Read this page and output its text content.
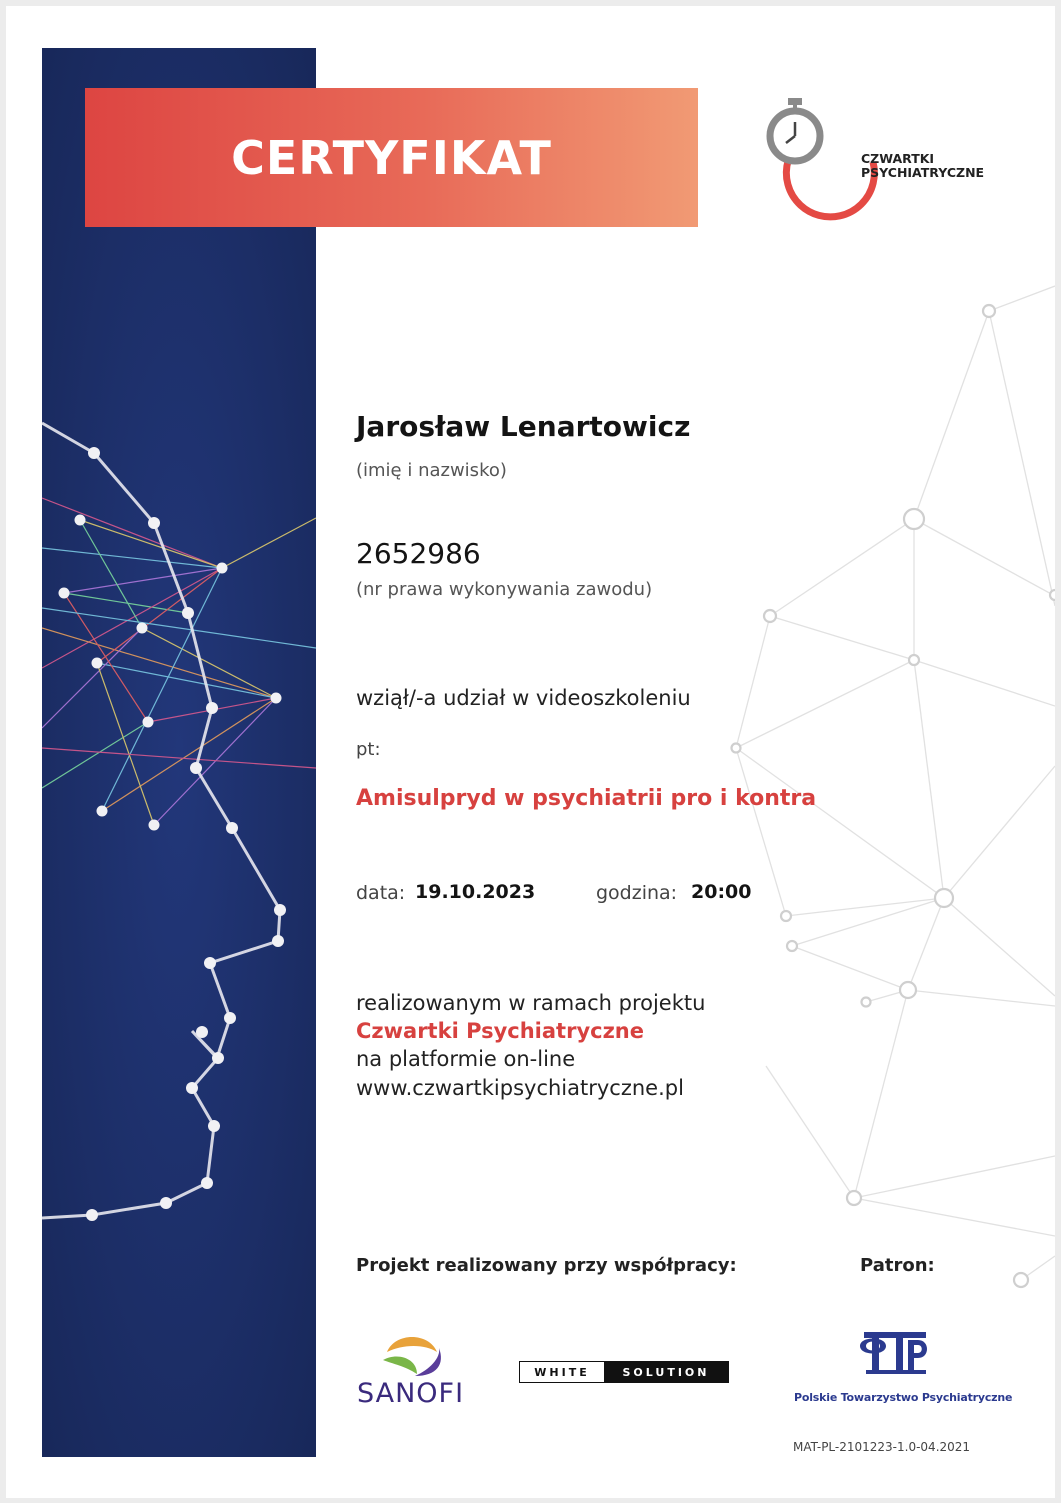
CERTYFIKAT	CZWARTKI
PSYCHIATRYCZNE
Jarosław Lenartowicz
(imię i nazwisko)
2652986
(nr prawa wykonywania zawodu)
wziął/-a udział w videoszkoleniu
pt:
Amisulpryd w psychiatrii pro i kontra
data: 19.10.2023	godzina: 20:00
realizowanym w ramach projektu
Czwartki Psychiatryczne
na platformie on-line
www.czwartkipsychiatryczne.pl
Projekt realizowany przy współpracy:	Patron:
SANOFI
WHITE	SOLUTION
Polskie Towarzystwo Psychiatryczne
MAT-PL-2101223-1.0-04.2021
